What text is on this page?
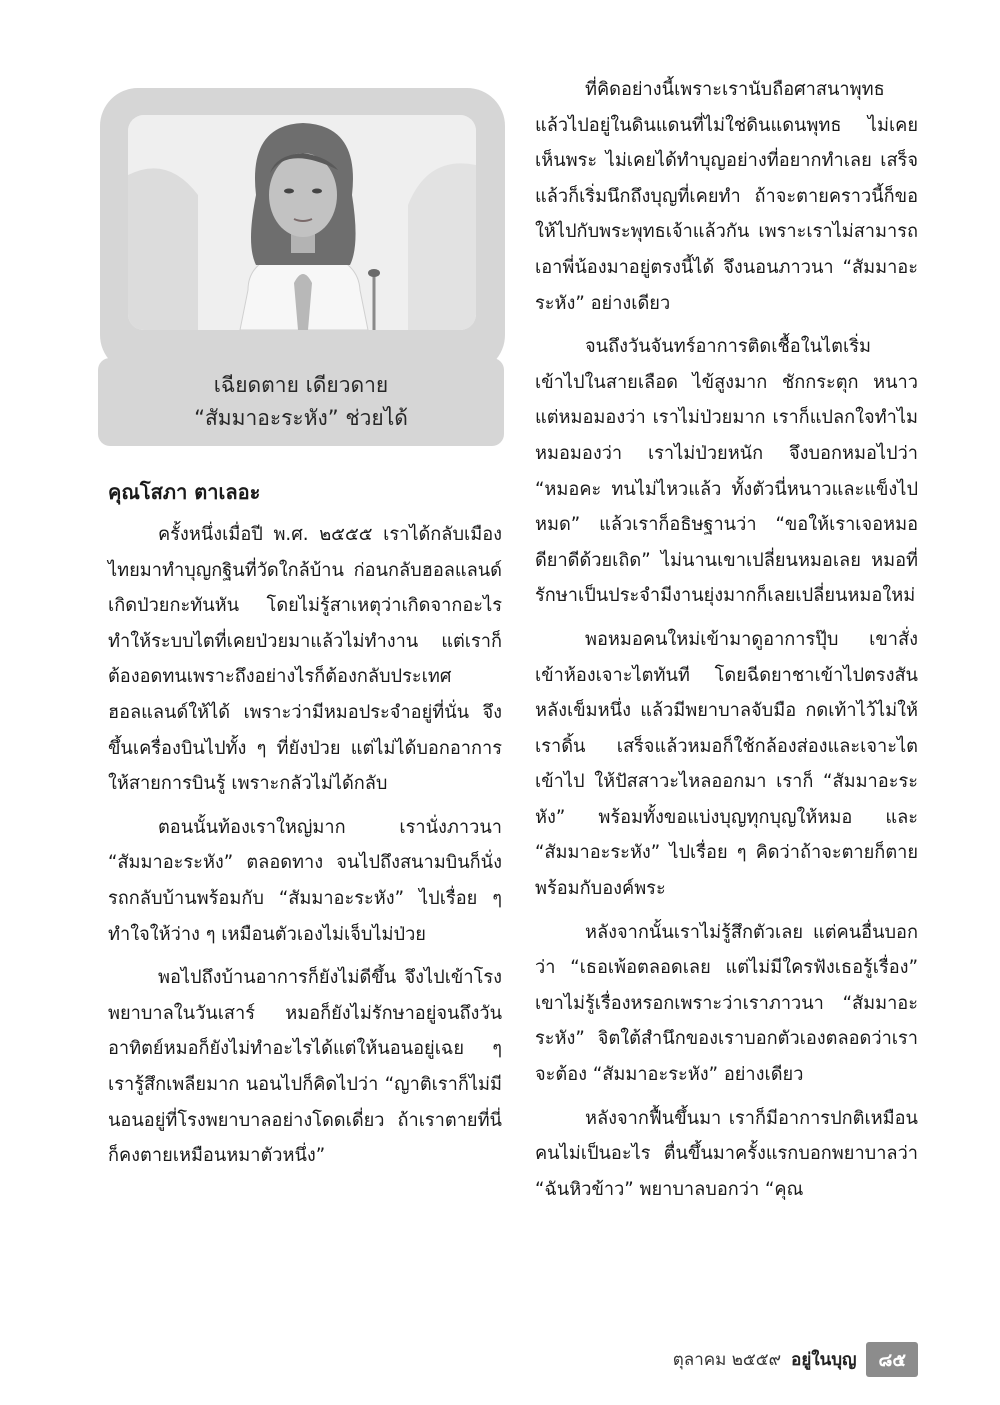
เฉียดตาย เดียวดาย
“สัมมาอะระหัง” ช่วยได้

คุณโสภา ตาเลอะ

ครั้งหนึ่งเมื่อปี พ.ศ. ๒๕๕๕ เราได้กลับเมืองไทยมาทำบุญกฐินที่วัดใกล้บ้าน ก่อนกลับฮอลแลนด์เกิดป่วยกะทันหัน โดยไม่รู้สาเหตุว่าเกิดจากอะไร ทำให้ระบบไตที่เคยป่วยมาแล้วไม่ทำงาน แต่เราก็ต้องอดทนเพราะถึงอย่างไรก็ต้องกลับประเทศฮอลแลนด์ให้ได้ เพราะว่ามีหมอประจำอยู่ที่นั่น จึงขึ้นเครื่องบินไปทั้ง ๆ ที่ยังป่วย แต่ไม่ได้บอกอาการให้สายการบินรู้ เพราะกลัวไม่ได้กลับ

ตอนนั้นท้องเราใหญ่มาก เรานั่งภาวนา “สัมมาอะระหัง” ตลอดทาง จนไปถึงสนามบินก็นั่งรถกลับบ้านพร้อมกับ “สัมมาอะระหัง” ไปเรื่อย ๆ ทำใจให้ว่าง ๆ เหมือนตัวเองไม่เจ็บไม่ป่วย

พอไปถึงบ้านอาการก็ยังไม่ดีขึ้น จึงไปเข้าโรงพยาบาลในวันเสาร์ หมอก็ยังไม่รักษาอยู่จนถึงวันอาทิตย์หมอก็ยังไม่ทำอะไรได้แต่ให้นอนอยู่เฉย ๆ เรารู้สึกเพลียมาก นอนไปก็คิดไปว่า “ญาติเราก็ไม่มี นอนอยู่ที่โรงพยาบาลอย่างโดดเดี่ยว ถ้าเราตายที่นี่ก็คงตายเหมือนหมาตัวหนึ่ง”

ที่คิดอย่างนี้เพราะเรานับถือศาสนาพุทธแล้วไปอยู่ในดินแดนที่ไม่ใช่ดินแดนพุทธ ไม่เคยเห็นพระ ไม่เคยได้ทำบุญอย่างที่อยากทำเลย เสร็จแล้วก็เริ่มนึกถึงบุญที่เคยทำ ถ้าจะตายคราวนี้ก็ขอให้ไปกับพระพุทธเจ้าแล้วกัน เพราะเราไม่สามารถเอาพี่น้องมาอยู่ตรงนี้ได้ จึงนอนภาวนา “สัมมาอะระหัง” อย่างเดียว

จนถึงวันจันทร์อาการติดเชื้อในไตเริ่มเข้าไปในสายเลือด ไข้สูงมาก ชักกระตุก หนาว แต่หมอมองว่า เราไม่ป่วยมาก เราก็แปลกใจทำไมหมอมองว่า เราไม่ป่วยหนัก จึงบอกหมอไปว่า “หมอคะ ทนไม่ไหวแล้ว ทั้งตัวนี่หนาวและแข็งไปหมด” แล้วเราก็อธิษฐานว่า “ขอให้เราเจอหมอดียาดีด้วยเถิด” ไม่นานเขาเปลี่ยนหมอเลย หมอที่รักษาเป็นประจำมีงานยุ่งมากก็เลยเปลี่ยนหมอใหม่

พอหมอคนใหม่เข้ามาดูอาการปุ๊บ เขาสั่งเข้าห้องเจาะไตทันที โดยฉีดยาชาเข้าไปตรงสันหลังเข็มหนึ่ง แล้วมีพยาบาลจับมือ กดเท้าไว้ไม่ให้เราดิ้น เสร็จแล้วหมอก็ใช้กล้องส่องและเจาะไตเข้าไป ให้ปัสสาวะไหลออกมา เราก็ “สัมมาอะระหัง” พร้อมทั้งขอแบ่งบุญทุกบุญให้หมอ และ “สัมมาอะระหัง” ไปเรื่อย ๆ คิดว่าถ้าจะตายก็ตายพร้อมกับองค์พระ

หลังจากนั้นเราไม่รู้สึกตัวเลย แต่คนอื่นบอกว่า “เธอเพ้อตลอดเลย แต่ไม่มีใครฟังเธอรู้เรื่อง” เขาไม่รู้เรื่องหรอกเพราะว่าเราภาวนา “สัมมาอะระหัง” จิตใต้สำนึกของเราบอกตัวเองตลอดว่าเราจะต้อง “สัมมาอะระหัง” อย่างเดียว

หลังจากฟื้นขึ้นมา เราก็มีอาการปกติเหมือนคนไม่เป็นอะไร ตื่นขึ้นมาครั้งแรกบอกพยาบาลว่า “ฉันหิวข้าว” พยาบาลบอกว่า “คุณ

ตุลาคม ๒๕๕๙ อยู่ในบุญ	๘๕
